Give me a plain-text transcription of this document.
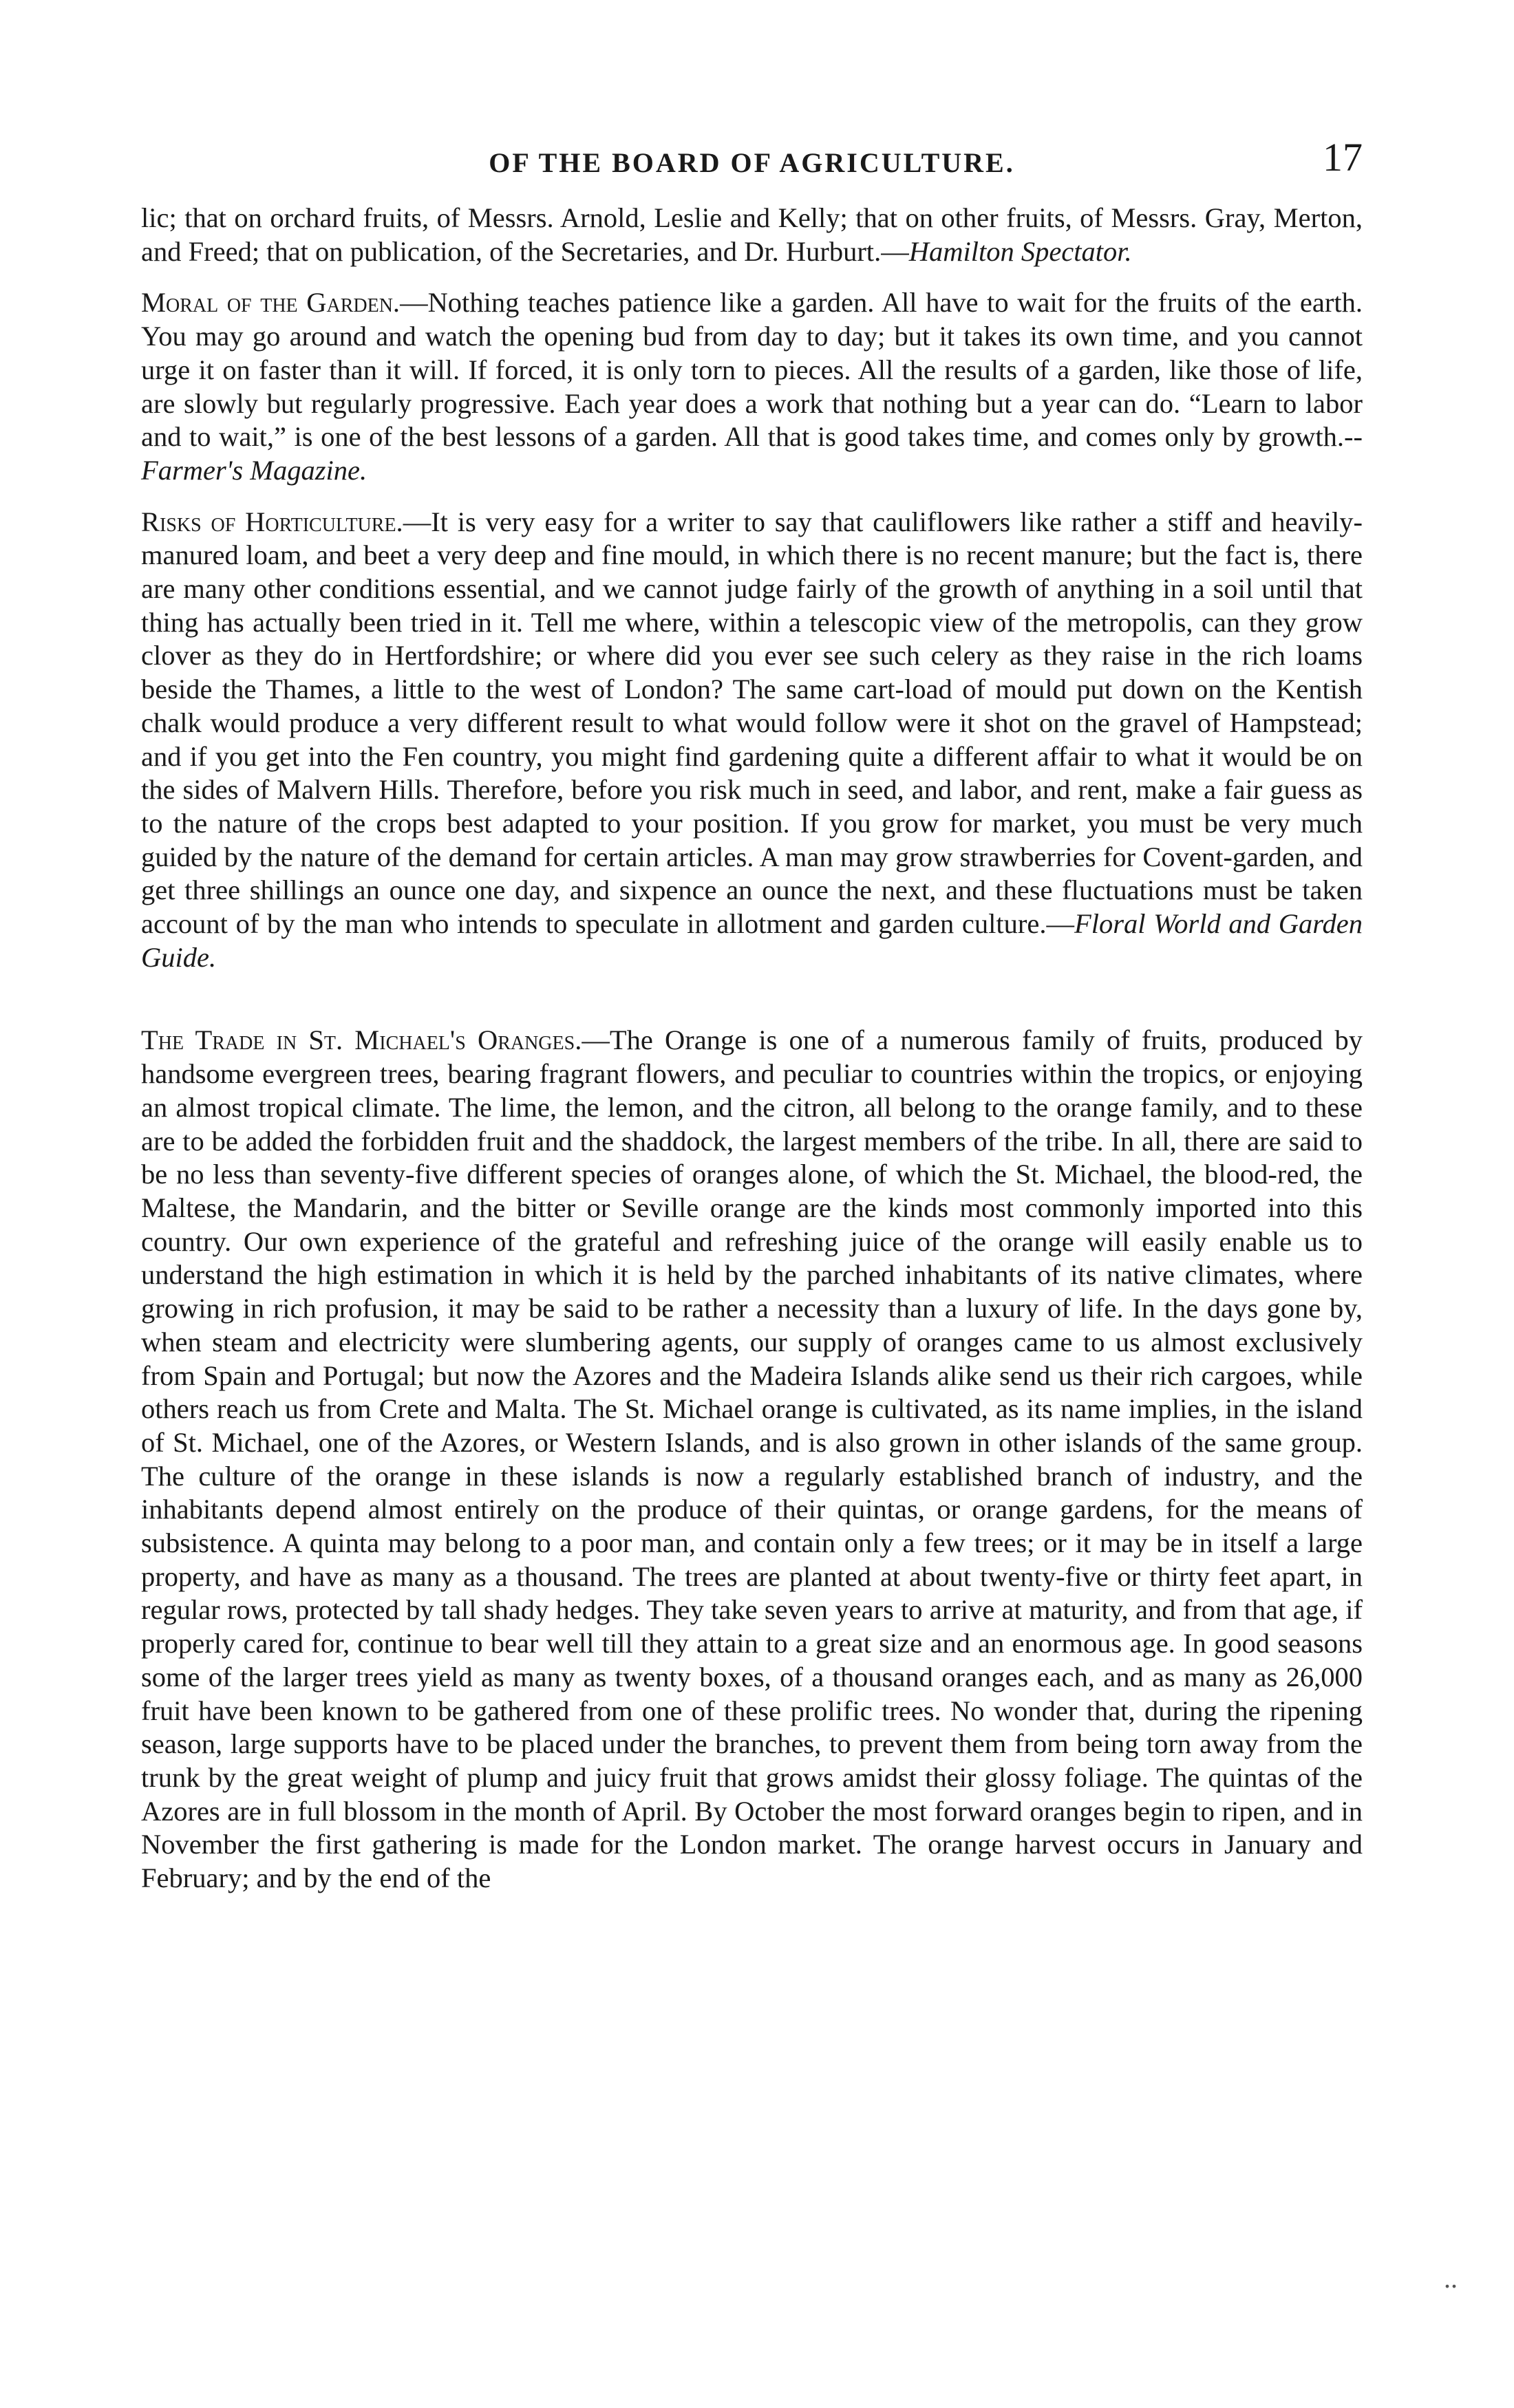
OF THE BOARD OF AGRICULTURE.	17

lic; that on orchard fruits, of Messrs. Arnold, Leslie and Kelly; that on other fruits, of Messrs. Gray, Merton, and Freed; that on publication, of the Secretaries, and Dr. Hurburt.—Hamilton Spectator.

Moral of the Garden.—Nothing teaches patience like a garden. All have to wait for the fruits of the earth. You may go around and watch the opening bud from day to day; but it takes its own time, and you cannot urge it on faster than it will. If forced, it is only torn to pieces. All the results of a garden, like those of life, are slowly but regularly progressive. Each year does a work that nothing but a year can do. “Learn to labor and to wait,” is one of the best lessons of a garden. All that is good takes time, and comes only by growth.--Farmer's Magazine.

Risks of Horticulture.—It is very easy for a writer to say that cauliflowers like rather a stiff and heavily-manured loam, and beet a very deep and fine mould, in which there is no recent manure; but the fact is, there are many other conditions essential, and we cannot judge fairly of the growth of anything in a soil until that thing has actually been tried in it. Tell me where, within a telescopic view of the metropolis, can they grow clover as they do in Hertfordshire; or where did you ever see such celery as they raise in the rich loams beside the Thames, a little to the west of London? The same cart-load of mould put down on the Kentish chalk would produce a very different result to what would follow were it shot on the gravel of Hampstead; and if you get into the Fen country, you might find gardening quite a different affair to what it would be on the sides of Malvern Hills. Therefore, before you risk much in seed, and labor, and rent, make a fair guess as to the nature of the crops best adapted to your position. If you grow for market, you must be very much guided by the nature of the demand for certain articles. A man may grow strawberries for Covent-garden, and get three shillings an ounce one day, and sixpence an ounce the next, and these fluctuations must be taken account of by the man who intends to speculate in allotment and garden culture.—Floral World and Garden Guide.

The Trade in St. Michael's Oranges.—The Orange is one of a numerous family of fruits, produced by handsome evergreen trees, bearing fragrant flowers, and peculiar to countries within the tropics, or enjoying an almost tropical climate. The lime, the lemon, and the citron, all belong to the orange family, and to these are to be added the forbidden fruit and the shaddock, the largest members of the tribe. In all, there are said to be no less than seventy-five different species of oranges alone, of which the St. Michael, the blood-red, the Maltese, the Mandarin, and the bitter or Seville orange are the kinds most commonly imported into this country. Our own experience of the grateful and refreshing juice of the orange will easily enable us to understand the high estimation in which it is held by the parched inhabitants of its native climates, where growing in rich profusion, it may be said to be rather a necessity than a luxury of life. In the days gone by, when steam and electricity were slumbering agents, our supply of oranges came to us almost exclusively from Spain and Portugal; but now the Azores and the Madeira Islands alike send us their rich cargoes, while others reach us from Crete and Malta. The St. Michael orange is cultivated, as its name implies, in the island of St. Michael, one of the Azores, or Western Islands, and is also grown in other islands of the same group. The culture of the orange in these islands is now a regularly established branch of industry, and the inhabitants depend almost entirely on the produce of their quintas, or orange gardens, for the means of subsistence. A quinta may belong to a poor man, and contain only a few trees; or it may be in itself a large property, and have as many as a thousand. The trees are planted at about twenty-five or thirty feet apart, in regular rows, protected by tall shady hedges. They take seven years to arrive at maturity, and from that age, if properly cared for, continue to bear well till they attain to a great size and an enormous age. In good seasons some of the larger trees yield as many as twenty boxes, of a thousand oranges each, and as many as 26,000 fruit have been known to be gathered from one of these prolific trees. No wonder that, during the ripening season, large supports have to be placed under the branches, to prevent them from being torn away from the trunk by the great weight of plump and juicy fruit that grows amidst their glossy foliage. The quintas of the Azores are in full blossom in the month of April. By October the most forward oranges begin to ripen, and in November the first gathering is made for the London market. The orange harvest occurs in January and February; and by the end of the

..
